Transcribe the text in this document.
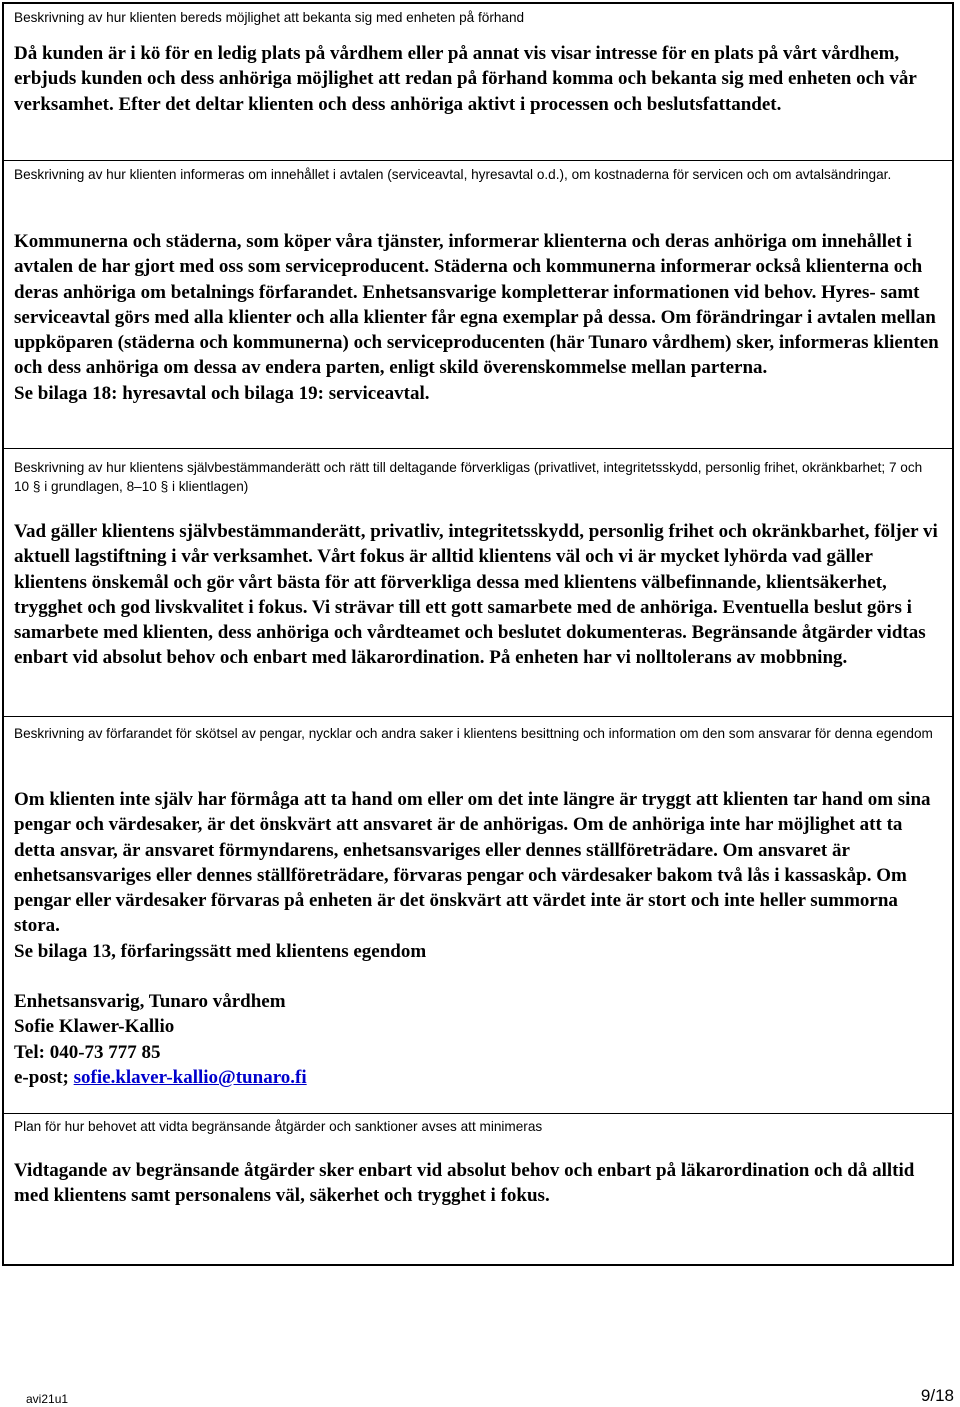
Beskrivning av hur klienten bereds möjlighet att bekanta sig med enheten på förhand

Då kunden är i kö för en ledig plats på vårdhem eller på annat vis visar intresse för en plats på vårt vårdhem, erbjuds kunden och dess anhöriga möjlighet att redan på förhand komma och bekanta sig med enheten och vår verksamhet. Efter det deltar klienten och dess anhöriga aktivt i processen och beslutsfattandet.

Beskrivning av hur klienten informeras om innehållet i avtalen (serviceavtal, hyresavtal o.d.), om kostnaderna för servicen och om avtalsändringar.

Kommunerna och städerna, som köper våra tjänster, informerar klienterna och deras anhöriga om innehållet i avtalen de har gjort med oss som serviceproducent. Städerna och kommunerna informerar också klienterna och deras anhöriga om betalnings förfarandet. Enhetsansvarige kompletterar informationen vid behov. Hyres- samt serviceavtal görs med alla klienter och alla klienter får egna exemplar på dessa. Om förändringar i avtalen mellan uppköparen (städerna och kommunerna) och serviceproducenten (här Tunaro vårdhem) sker, informeras klienten och dess anhöriga om dessa av endera parten, enligt skild överenskommelse mellan parterna.

Se bilaga 18: hyresavtal och bilaga 19: serviceavtal.

Beskrivning av hur klientens självbestämmanderätt och rätt till deltagande förverkligas (privatlivet, integritetsskydd, personlig frihet, okränkbarhet; 7 och 10 § i grundlagen, 8–10 § i klientlagen)

Vad gäller klientens självbestämmanderätt, privatliv, integritetsskydd, personlig frihet och okränkbarhet, följer vi aktuell lagstiftning i vår verksamhet. Vårt fokus är alltid klientens väl och vi är mycket lyhörda vad gäller klientens önskemål och gör vårt bästa för att förverkliga dessa med klientens välbefinnande, klientsäkerhet, trygghet och god livskvalitet i fokus. Vi strävar till ett gott samarbete med de anhöriga. Eventuella beslut görs i samarbete med klienten, dess anhöriga och vårdteamet och beslutet dokumenteras. Begränsande åtgärder vidtas enbart vid absolut behov och enbart med läkarordination. På enheten har vi nolltolerans av mobbning.

Beskrivning av förfarandet för skötsel av pengar, nycklar och andra saker i klientens besittning och information om den som ansvarar för denna egendom

Om klienten inte själv har förmåga att ta hand om eller om det inte längre är tryggt att klienten tar hand om sina pengar och värdesaker, är det önskvärt att ansvaret är de anhörigas. Om de anhöriga inte har möjlighet att ta detta ansvar, är ansvaret förmyndarens, enhetsansvariges eller dennes ställföreträdare. Om ansvaret är enhetsansvariges eller dennes ställföreträdare, förvaras pengar och värdesaker bakom två lås i kassaskåp. Om pengar eller värdesaker förvaras på enheten är det önskvärt att värdet inte är stort och inte heller summorna stora.

Se bilaga 13, förfaringssätt med klientens egendom

Enhetsansvarig, Tunaro vårdhem

Sofie Klawer-Kallio

Tel: 040-73 777 85

e-post; sofie.klaver-kallio@tunaro.fi

Plan för hur behovet att vidta begränsande åtgärder och sanktioner avses att minimeras

Vidtagande av begränsande åtgärder sker enbart vid absolut behov och enbart på läkarordination och då alltid med klientens samt personalens väl, säkerhet och trygghet i fokus.

avi21u1	9/18
